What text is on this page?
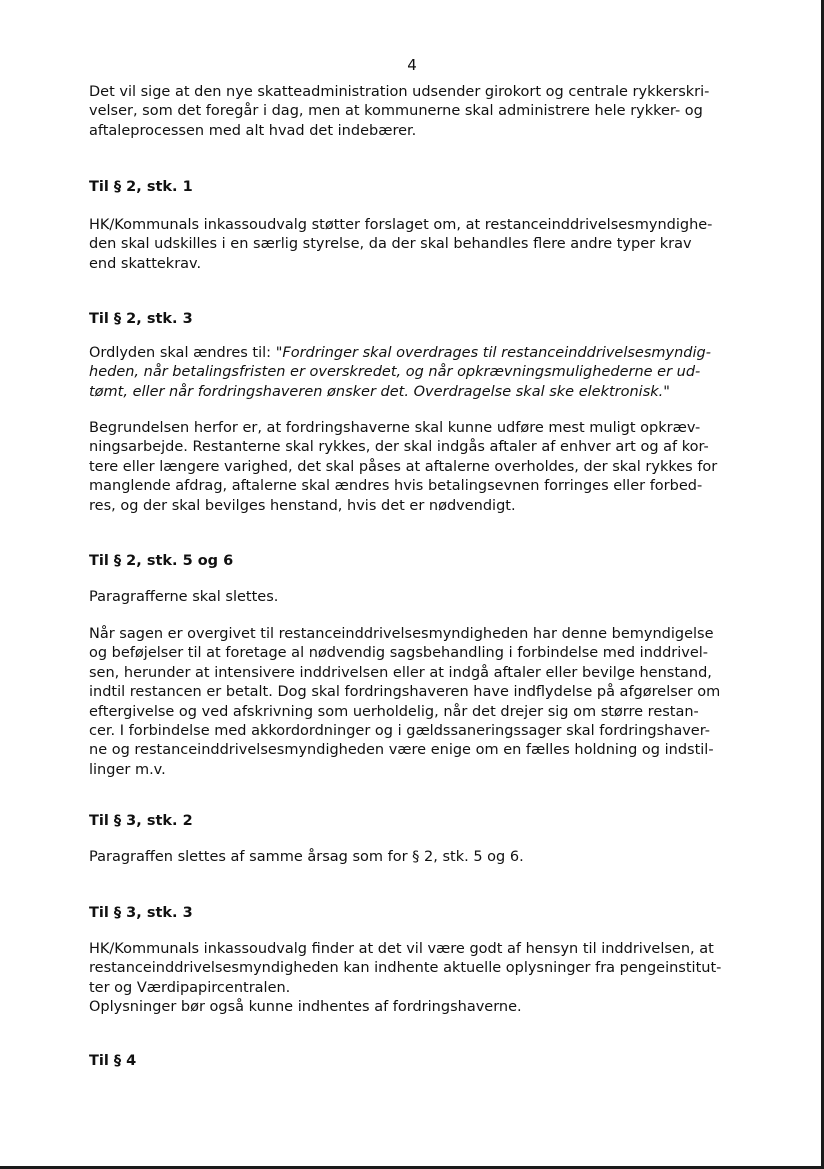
4

Det vil sige at den nye skatteadministration udsender girokort og centrale rykkerskri-
velser, som det foregår i dag, men at kommunerne skal administrere hele rykker- og
aftaleprocessen med alt hvad det indebærer.

Til § 2, stk. 1

HK/Kommunals inkassoudvalg støtter forslaget om, at restanceinddrivelsesmyndighe-
den skal udskilles i en særlig styrelse, da der skal behandles flere andre typer krav
end skattekrav.

Til § 2, stk. 3

Ordlyden skal ændres til: "Fordringer skal overdrages til restanceinddrivelsesmyndig-
heden, når betalingsfristen er overskredet, og når opkrævningsmulighederne er ud-
tømt, eller når fordringshaveren ønsker det. Overdragelse skal ske elektronisk."

Begrundelsen herfor er, at fordringshaverne skal kunne udføre mest muligt opkræv-
ningsarbejde. Restanterne skal rykkes, der skal indgås aftaler af enhver art og af kor-
tere eller længere varighed, det skal påses at aftalerne overholdes, der skal rykkes for
manglende afdrag, aftalerne skal ændres hvis betalingsevnen forringes eller forbed-
res, og der skal bevilges henstand, hvis det er nødvendigt.

Til § 2, stk. 5 og 6

Paragrafferne skal slettes.

Når sagen er overgivet til restanceinddrivelsesmyndigheden har denne bemyndigelse
og beføjelser til at foretage al nødvendig sagsbehandling i forbindelse med inddrivel-
sen, herunder at intensivere inddrivelsen eller at indgå aftaler eller bevilge henstand,
indtil restancen er betalt. Dog skal fordringshaveren have indflydelse på afgørelser om
eftergivelse og ved afskrivning som uerholdelig, når det drejer sig om større restan-
cer. I forbindelse med akkordordninger og i gældssaneringssager skal fordringshaver-
ne og restanceinddrivelsesmyndigheden være enige om en fælles holdning og indstil-
linger m.v.

Til § 3, stk. 2

Paragraffen slettes af samme årsag som for § 2, stk. 5 og 6.

Til § 3, stk. 3

HK/Kommunals inkassoudvalg finder at det vil være godt af hensyn til inddrivelsen, at
restanceinddrivelsesmyndigheden kan indhente aktuelle oplysninger fra pengeinstitut-
ter og Værdipapircentralen.
Oplysninger bør også kunne indhentes af fordringshaverne.

Til § 4
